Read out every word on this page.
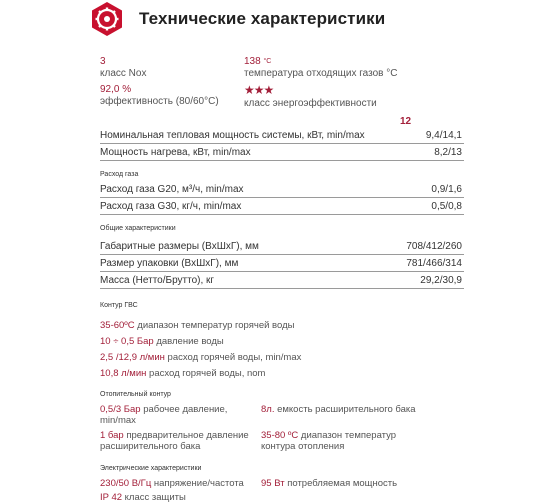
Технические характеристики
3
класс Nox
138 $^{^\circ C}$
температура отходящих газов °C
92,0 %
эффективность (80/60°C)
★★★
класс энергоэффективности
12
Номинальная тепловая мощность системы, кВт, min/max	9,4/14,1
Мощность нагрева, кВт, min/max	8,2/13
Расход газа
Расход газа G20, м³/ч, min/max	0,9/1,6
Расход газа G30, кг/ч, min/max	0,5/0,8
Общие характеристики
Габаритные размеры (ВхШхГ), мм	708/412/260
Размер упаковки (ВхШхГ), мм	781/466/314
Масса (Нетто/Брутто), кг	29,2/30,9
Контур ГВС
35-60ºС диапазон температур горячей воды
10 ÷ 0,5 Бар давление воды
2,5 /12,9 л/мин расход горячей воды, min/max
10,8 л/мин расход горячей воды, nom
Отопительный контур
0,5/3 Бар рабочее давление,
min/max
8л. емкость расширительного бака
1 бар предварительное давление
расширительного бака
35-80 ºС диапазон температур
контура отопления
Электрические характеристики
230/50 В/Гц напряжение/частота 95 Вт потребляемая мощность
IP 42 класс защиты
